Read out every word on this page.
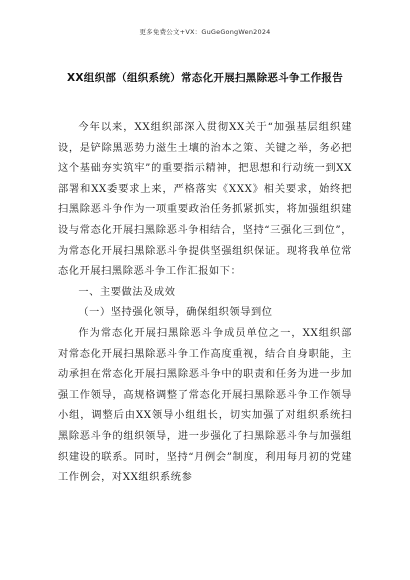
更多免费公文+VX：GuGeGongWen2024
XX组织部（组织系统）常态化开展扫黑除恶斗争工作报告

今年以来，XX组织部深入贯彻XX关于“加强基层组织建设，是铲除黑恶势力滋生土壤的治本之策、关键之举，务必把这个基础夯实筑牢”的重要指示精神，把思想和行动统一到XX部署和XX委要求上来，严格落实《XXX》相关要求，始终把扫黑除恶斗争作为一项重要政治任务抓紧抓实，将加强组织建设与常态化开展扫黑除恶斗争相结合，坚持“三强化三到位”，为常态化开展扫黑除恶斗争提供坚强组织保证。现将我单位常态化开展扫黑除恶斗争工作汇报如下：

一、主要做法及成效

（一）坚持强化领导，确保组织领导到位

作为常态化开展扫黑除恶斗争成员单位之一，XX组织部对常态化开展扫黑除恶斗争工作高度重视，结合自身职能，主动承担在常态化开展扫黑除恶斗争中的职责和任务为进一步加强工作领导，高规格调整了常态化开展扫黑除恶斗争工作领导小组，调整后由XX领导小组组长，切实加强了对组织系统扫黑除恶斗争的组织领导，进一步强化了扫黑除恶斗争与加强组织建设的联系。同时，坚持“月例会”制度，利用每月初的党建工作例会，对XX组织系统参
